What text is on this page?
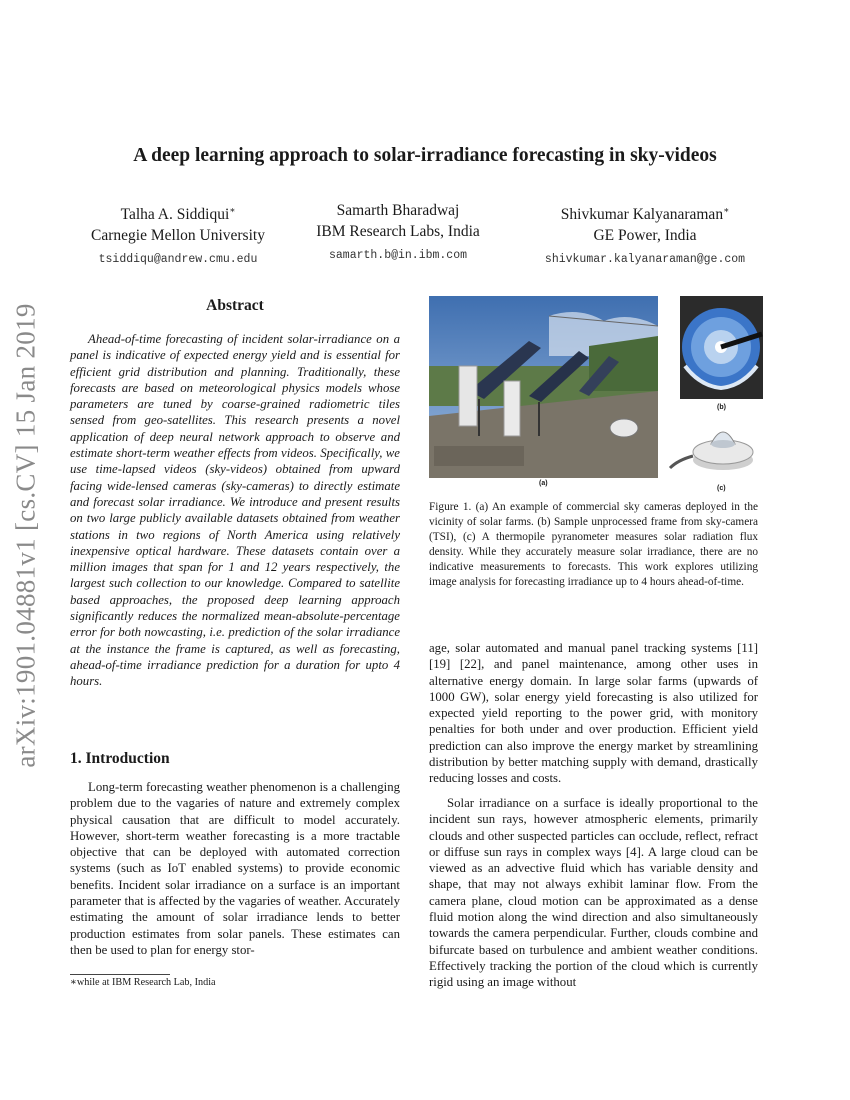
arXiv:1901.04881v1 [cs.CV] 15 Jan 2019
A deep learning approach to solar-irradiance forecasting in sky-videos
Talha A. Siddiqui∗
Carnegie Mellon University
tsiddiqu@andrew.cmu.edu
Samarth Bharadwaj
IBM Research Labs, India
samarth.b@in.ibm.com
Shivkumar Kalyanaraman∗
GE Power, India
shivkumar.kalyanaraman@ge.com
Abstract

Ahead-of-time forecasting of incident solar-irradiance on a panel is indicative of expected energy yield and is essential for efficient grid distribution and planning. Traditionally, these forecasts are based on meteorological physics models whose parameters are tuned by coarse-grained radiometric tiles sensed from geo-satellites. This research presents a novel application of deep neural network approach to observe and estimate short-term weather effects from videos. Specifically, we use time-lapsed videos (sky-videos) obtained from upward facing wide-lensed cameras (sky-cameras) to directly estimate and forecast solar irradiance. We introduce and present results on two large publicly available datasets obtained from weather stations in two regions of North America using relatively inexpensive optical hardware. These datasets contain over a million images that span for 1 and 12 years respectively, the largest such collection to our knowledge. Compared to satellite based approaches, the proposed deep learning approach significantly reduces the normalized mean-absolute-percentage error for both nowcasting, i.e. prediction of the solar irradiance at the instance the frame is captured, as well as forecasting, ahead-of-time irradiance prediction for a duration for upto 4 hours.

1. Introduction

Long-term forecasting weather phenomenon is a challenging problem due to the vagaries of nature and extremely complex physical causation that are difficult to model accurately. However, short-term weather forecasting is a more tractable objective that can be deployed with automated correction systems (such as IoT enabled systems) to provide economic benefits. Incident solar irradiance on a surface is an important parameter that is affected by the vagaries of weather. Accurately estimating the amount of solar irradiance lends to better production estimates from solar panels. These estimates can then be used to plan for energy stor-

∗while at IBM Research Lab, India
(a)
(b)
(c)

Figure 1. (a) An example of commercial sky cameras deployed in the vicinity of solar farms. (b) Sample unprocessed frame from sky-camera (TSI), (c) A thermopile pyranometer measures solar radiation flux density. While they accurately measure solar irradiance, there are no indicative measurements to forecasts. This work explores utilizing image analysis for forecasting irradiance up to 4 hours ahead-of-time.

age, solar automated and manual panel tracking systems [11] [19] [22], and panel maintenance, among other uses in alternative energy domain. In large solar farms (upwards of 1000 GW), solar energy yield forecasting is also utilized for expected yield reporting to the power grid, with monitory penalties for both under and over production. Efficient yield prediction can also improve the energy market by streamlining distribution by better matching supply with demand, drastically reducing losses and costs.

Solar irradiance on a surface is ideally proportional to the incident sun rays, however atmospheric elements, primarily clouds and other suspected particles can occlude, reflect, refract or diffuse sun rays in complex ways [4]. A large cloud can be viewed as an advective fluid which has variable density and shape, that may not always exhibit laminar flow. From the camera plane, cloud motion can be approximated as a dense fluid motion along the wind direction and also simultaneously towards the camera perpendicular. Further, clouds combine and bifurcate based on turbulence and ambient weather conditions. Effectively tracking the portion of the cloud which is currently rigid using an image without
